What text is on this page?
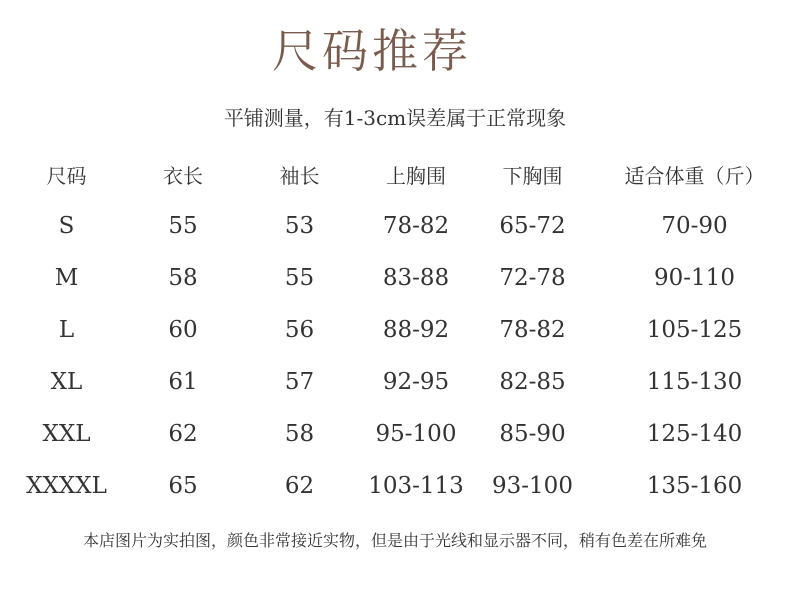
尺码推荐
平铺测量，有1-3cm误差属于正常现象
尺码	衣长	袖长	上胸围	下胸围	适合体重（斤）
S	55	53	78-82	65-72	70-90
M	58	55	83-88	72-78	90-110
L	60	56	88-92	78-82	105-125
XL	61	57	92-95	82-85	115-130
XXL	62	58	95-100	85-90	125-140
XXXXL	65	62	103-113	93-100	135-160
本店图片为实拍图，颜色非常接近实物，但是由于光线和显示器不同，稍有色差在所难免
